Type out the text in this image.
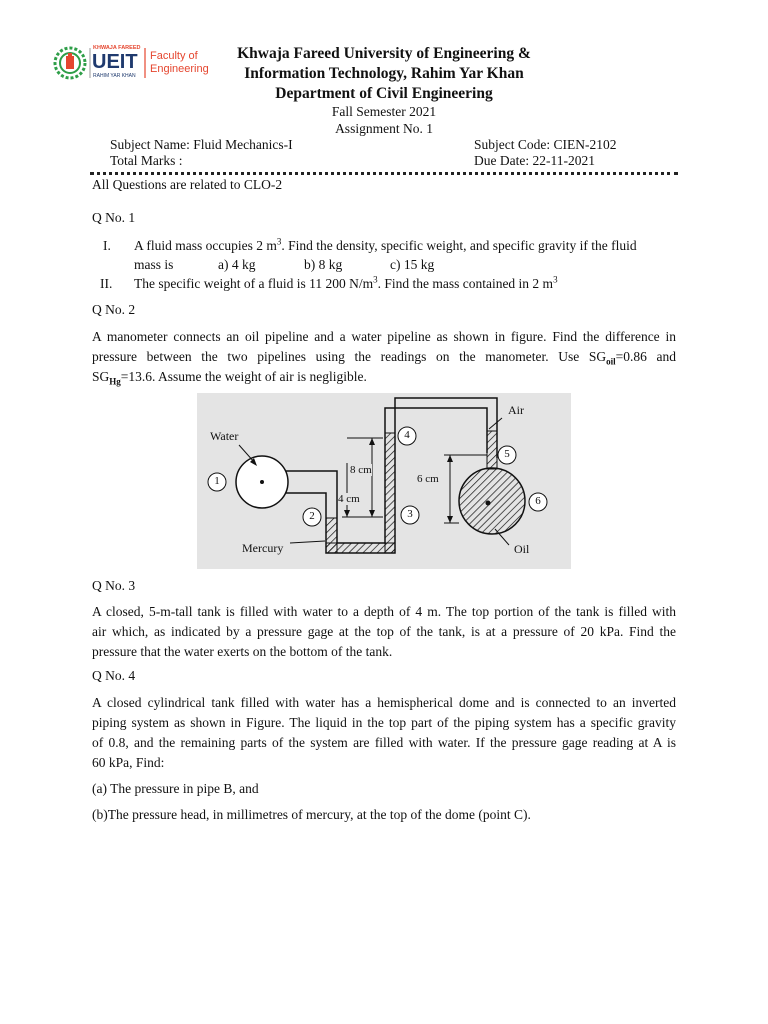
KHWAJA FAREED
UEIT
RAHIM YAR KHAN
Faculty of
Engineering
Khwaja Fareed University of Engineering &
Information Technology, Rahim Yar Khan
Department of Civil Engineering
Fall Semester 2021
Assignment No. 1
Subject Name: Fluid Mechanics-I	Subject Code: CIEN-2102
Total Marks :	Due Date: 22-11-2021
All Questions are related to CLO-2
Q No. 1
I. A fluid mass occupies 2 $m^3$. Find the density, specific weight, and specific gravity if the fluid
mass is	a) 4 kg	b) 8 kg	c) 15 kg
II. The specific weight of a fluid is 11 200 $N/m^3$. Find the mass contained in 2 $m^3$
Q No. 2
A manometer connects an oil pipeline and a water pipeline as shown in figure. Find the difference in
pressure between the two pipelines using the readings on the manometer. Use $SG_{oil}=0.86$ and
$SG_{Hg}=13.6$. Assume the weight of air is negligible.
Water
Mercury
Air
Oil
8 cm
4 cm
6 cm
1
2	3
4
5
6
Q No. 3
A closed, 5-m-tall tank is filled with water to a depth of 4 m. The top portion of the tank is filled with
air which, as indicated by a pressure gage at the top of the tank, is at a pressure of 20 kPa. Find the
pressure that the water exerts on the bottom of the tank.
Q No. 4
A closed cylindrical tank filled with water has a hemispherical dome and is connected to an inverted
piping system as shown in Figure. The liquid in the top part of the piping system has a specific gravity
of 0.8, and the remaining parts of the system are filled with water. If the pressure gage reading at A is
60 kPa, Find:
(a) The pressure in pipe B, and
(b)The pressure head, in millimetres of mercury, at the top of the dome (point C).
